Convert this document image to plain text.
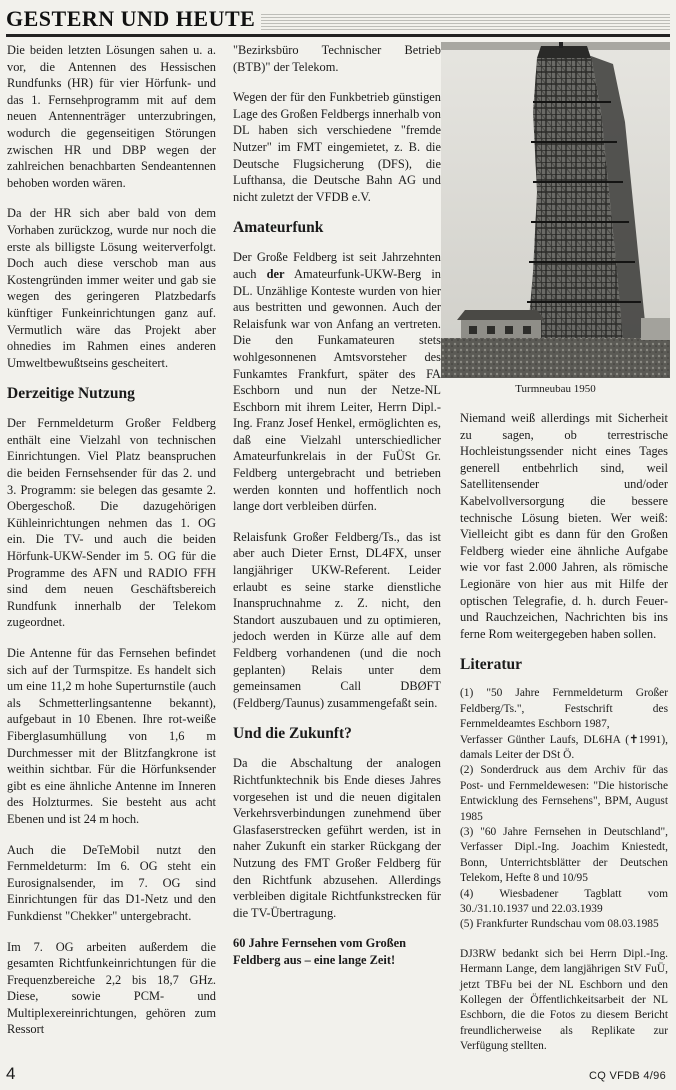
GESTERN UND HEUTE

Die beiden letzten Lösungen sahen u. a. vor, die Antennen des Hessischen Rundfunks (HR) für vier Hörfunk- und das 1. Fernsehprogramm mit auf dem neuen Antennenträger unterzubringen, wodurch die gegenseitigen Störungen zwischen HR und DBP wegen der zahlreichen benachbarten Sendeantennen behoben worden wären.

Da der HR sich aber bald von dem Vorhaben zurückzog, wurde nur noch die erste als billigste Lösung weiterverfolgt. Doch auch diese verschob man aus Kostengründen immer weiter und gab sie wegen des geringeren Platzbedarfs künftiger Funkeinrichtungen ganz auf. Vermutlich wäre das Projekt aber ohnedies im Rahmen eines anderen Umweltbewußtseins gescheitert.

Derzeitige Nutzung

Der Fernmeldeturm Großer Feldberg enthält eine Vielzahl von technischen Einrichtungen. Viel Platz beanspruchen die beiden Fernsehsender für das 2. und 3. Programm: sie belegen das gesamte 2. Obergeschoß. Die dazugehörigen Kühleinrichtungen nehmen das 1. OG ein. Die TV- und auch die beiden Hörfunk-UKW-Sender im 5. OG für die Programme des AFN und RADIO FFH sind dem neuen Geschäftsbereich Rundfunk innerhalb der Telekom zugeordnet.

Die Antenne für das Fernsehen befindet sich auf der Turmspitze. Es handelt sich um eine 11,2 m hohe Superturnstile (auch als Schmetterlingsantenne bekannt), aufgebaut in 10 Ebenen. Ihre rot-weiße Fiberglasumhüllung von 1,6 m Durchmesser mit der Blitzfangkrone ist weithin sichtbar. Für die Hörfunksender gibt es eine ähnliche Antenne im Inneren des Holzturmes. Sie besteht aus acht Ebenen und ist 24 m hoch.

Auch die DeTeMobil nutzt den Fernmeldeturm: Im 6. OG steht ein Eurosignalsender, im 7. OG sind Einrichtungen für das D1-Netz und den Funkdienst "Chekker" untergebracht.

Im 7. OG arbeiten außerdem die gesamten Richtfunkeinrichtungen für die Frequenzbereiche 2,2 bis 18,7 GHz. Diese, sowie PCM- und Multiplexereinrichtungen, gehören zum Ressort

"Bezirksbüro Technischer Betrieb (BTB)" der Telekom.

Wegen der für den Funkbetrieb günstigen Lage des Großen Feldbergs innerhalb von DL haben sich verschiedene "fremde Nutzer" im FMT eingemietet, z. B. die Deutsche Flugsicherung (DFS), die Lufthansa, die Deutsche Bahn AG und nicht zuletzt der VFDB e.V.

Amateurfunk

Der Große Feldberg ist seit Jahrzehnten auch der Amateurfunk-UKW-Berg in DL. Unzählige Konteste wurden von hier aus bestritten und gewonnen. Auch der Relaisfunk war von Anfang an vertreten. Die den Funkamateuren stets wohlgesonnenen Amtsvorsteher des Funkamtes Frankfurt, später des FA Eschborn und nun der Netze-NL Eschborn mit ihrem Leiter, Herrn Dipl.-Ing. Franz Josef Henkel, ermöglichten es, daß eine Vielzahl unterschiedlicher Amateurfunkrelais in der FuÜSt Gr. Feldberg untergebracht und betrieben werden konnten und hoffentlich noch lange dort verbleiben dürfen.

Relaisfunk Großer Feldberg/Ts., das ist aber auch Dieter Ernst, DL4FX, unser langjähriger UKW-Referent. Leider erlaubt es seine starke dienstliche Inanspruchnahme z. Z. nicht, den Standort auszubauen und zu optimieren, jedoch werden in Kürze alle auf dem Feldberg vorhandenen (und die noch geplanten) Relais unter dem gemeinsamen Call DBØFT (Feldberg/Taunus) zusammengefaßt sein.

Und die Zukunft?

Da die Abschaltung der analogen Richtfunktechnik bis Ende dieses Jahres vorgesehen ist und die neuen digitalen Verkehrsverbindungen zunehmend über Glasfaserstrecken geführt werden, ist in naher Zukunft ein starker Rückgang der Nutzung des FMT Großer Feldberg für den Richtfunk abzusehen. Allerdings verbleiben digitale Richtfunkstrecken für die TV-Übertragung.

60 Jahre Fernsehen vom Großen Feldberg aus – eine lange Zeit!

Turmneubau 1950

Niemand weiß allerdings mit Sicherheit zu sagen, ob terrestrische Hochleistungssender nicht eines Tages generell entbehrlich sind, weil Satellitensender und/oder Kabelvollversorgung die bessere technische Lösung bieten. Wer weiß: Vielleicht gibt es dann für den Großen Feldberg wieder eine ähnliche Aufgabe wie vor fast 2.000 Jahren, als römische Legionäre von hier aus mit Hilfe der optischen Telegrafie, d. h. durch Feuer- und Rauchzeichen, Nachrichten bis ins ferne Rom weitergegeben haben sollen.

Literatur

(1) "50 Jahre Fernmeldeturm Großer Feldberg/Ts.", Festschrift des Fernmeldeamtes Eschborn 1987,

Verfasser Günther Laufs, DL6HA (✝1991), damals Leiter der DSt Ö.

(2) Sonderdruck aus dem Archiv für das Post- und Fernmeldewesen: "Die historische Entwicklung des Fernsehens", BPM, August 1985

(3) "60 Jahre Fernsehen in Deutschland", Verfasser Dipl.-Ing. Joachim Kniestedt, Bonn, Unterrichtsblätter der Deutschen Telekom, Hefte 8 und 10/95

(4) Wiesbadener Tagblatt vom 30./31.10.1937 und 22.03.1939

(5) Frankfurter Rundschau vom 08.03.1985

DJ3RW bedankt sich bei Herrn Dipl.-Ing. Hermann Lange, dem langjährigen StV FuÜ, jetzt TBFu bei der NL Eschborn und den Kollegen der Öffentlichkeitsarbeit der NL Eschborn, die die Fotos zu diesem Bericht freundlicherweise als Replikate zur Verfügung stellten.

4	CQ VFDB 4/96
